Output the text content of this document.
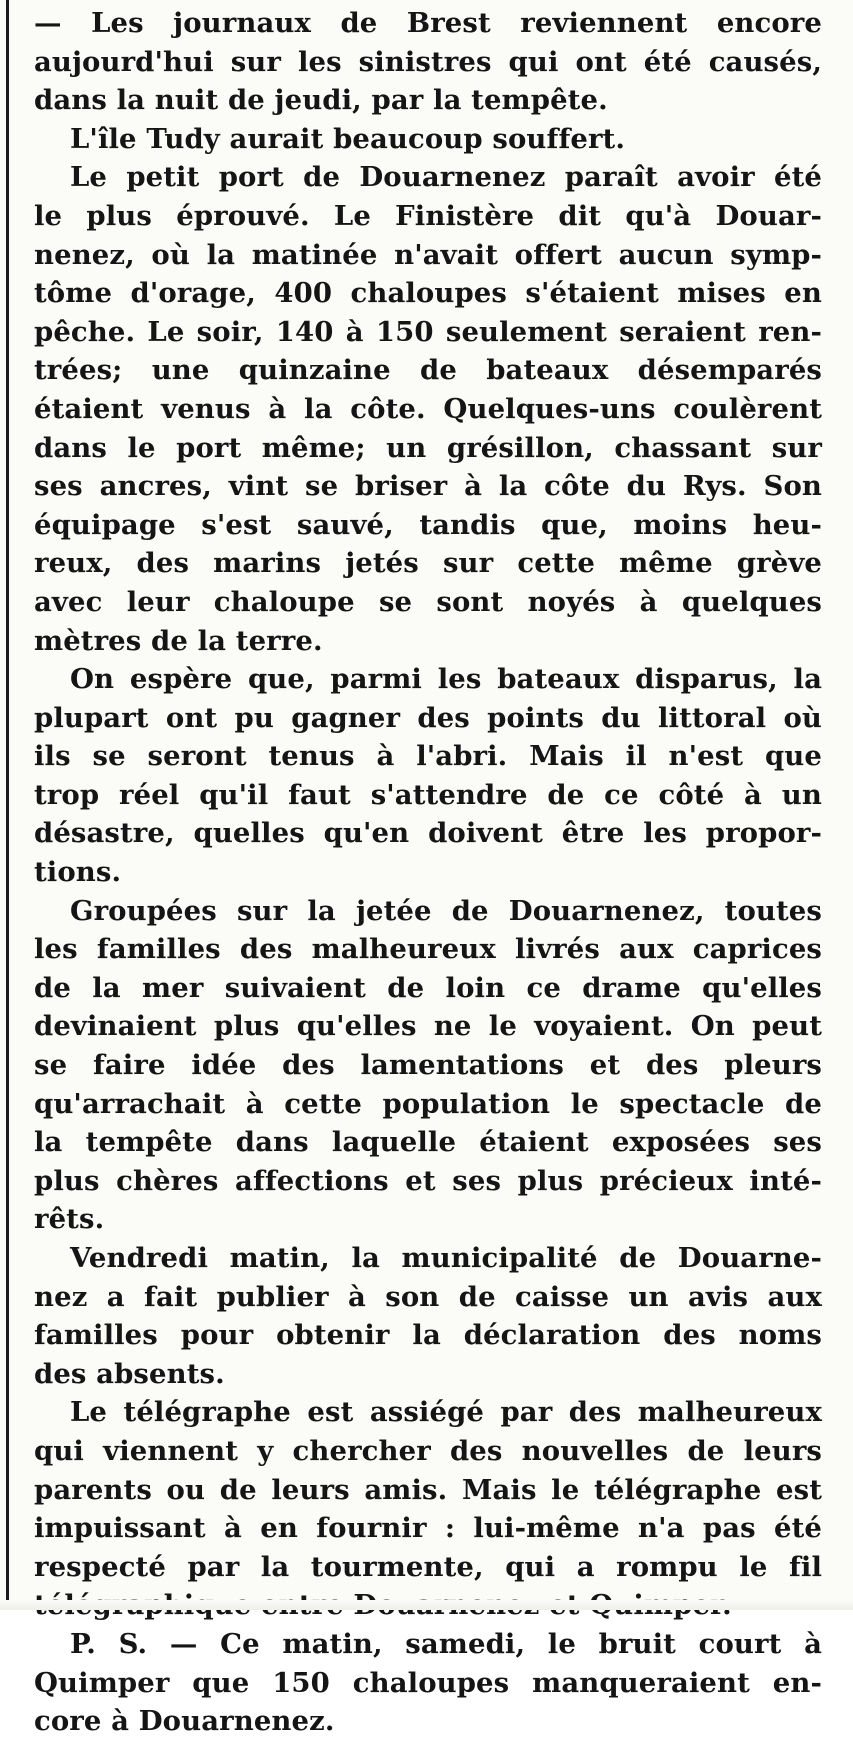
— Les journaux de Brest reviennent encore
aujourd'hui sur les sinistres qui ont été causés,
dans la nuit de jeudi, par la tempête.

L'île Tudy aurait beaucoup souffert.

Le petit port de Douarnenez paraît avoir été
le plus éprouvé. Le Finistère dit qu'à Douar-
nenez, où la matinée n'avait offert aucun symp-
tôme d'orage, 400 chaloupes s'étaient mises en
pêche. Le soir, 140 à 150 seulement seraient ren-
trées; une quinzaine de bateaux désemparés
étaient venus à la côte. Quelques-uns coulèrent
dans le port même; un grésillon, chassant sur
ses ancres, vint se briser à la côte du Rys. Son
équipage s'est sauvé, tandis que, moins heu-
reux, des marins jetés sur cette même grève
avec leur chaloupe se sont noyés à quelques
mètres de la terre.

On espère que, parmi les bateaux disparus, la
plupart ont pu gagner des points du littoral où
ils se seront tenus à l'abri. Mais il n'est que
trop réel qu'il faut s'attendre de ce côté à un
désastre, quelles qu'en doivent être les propor-
tions.

Groupées sur la jetée de Douarnenez, toutes
les familles des malheureux livrés aux caprices
de la mer suivaient de loin ce drame qu'elles
devinaient plus qu'elles ne le voyaient. On peut
se faire idée des lamentations et des pleurs
qu'arrachait à cette population le spectacle de
la tempête dans laquelle étaient exposées ses
plus chères affections et ses plus précieux inté-
rêts.

Vendredi matin, la municipalité de Douarne-
nez a fait publier à son de caisse un avis aux
familles pour obtenir la déclaration des noms
des absents.

Le télégraphe est assiégé par des malheureux
qui viennent y chercher des nouvelles de leurs
parents ou de leurs amis. Mais le télégraphe est
impuissant à en fournir : lui-même n'a pas été
respecté par la tourmente, qui a rompu le fil

P. S. — Ce matin, samedi, le bruit court à
Quimper que 150 chaloupes manqueraient en-
core à Douarnenez.
